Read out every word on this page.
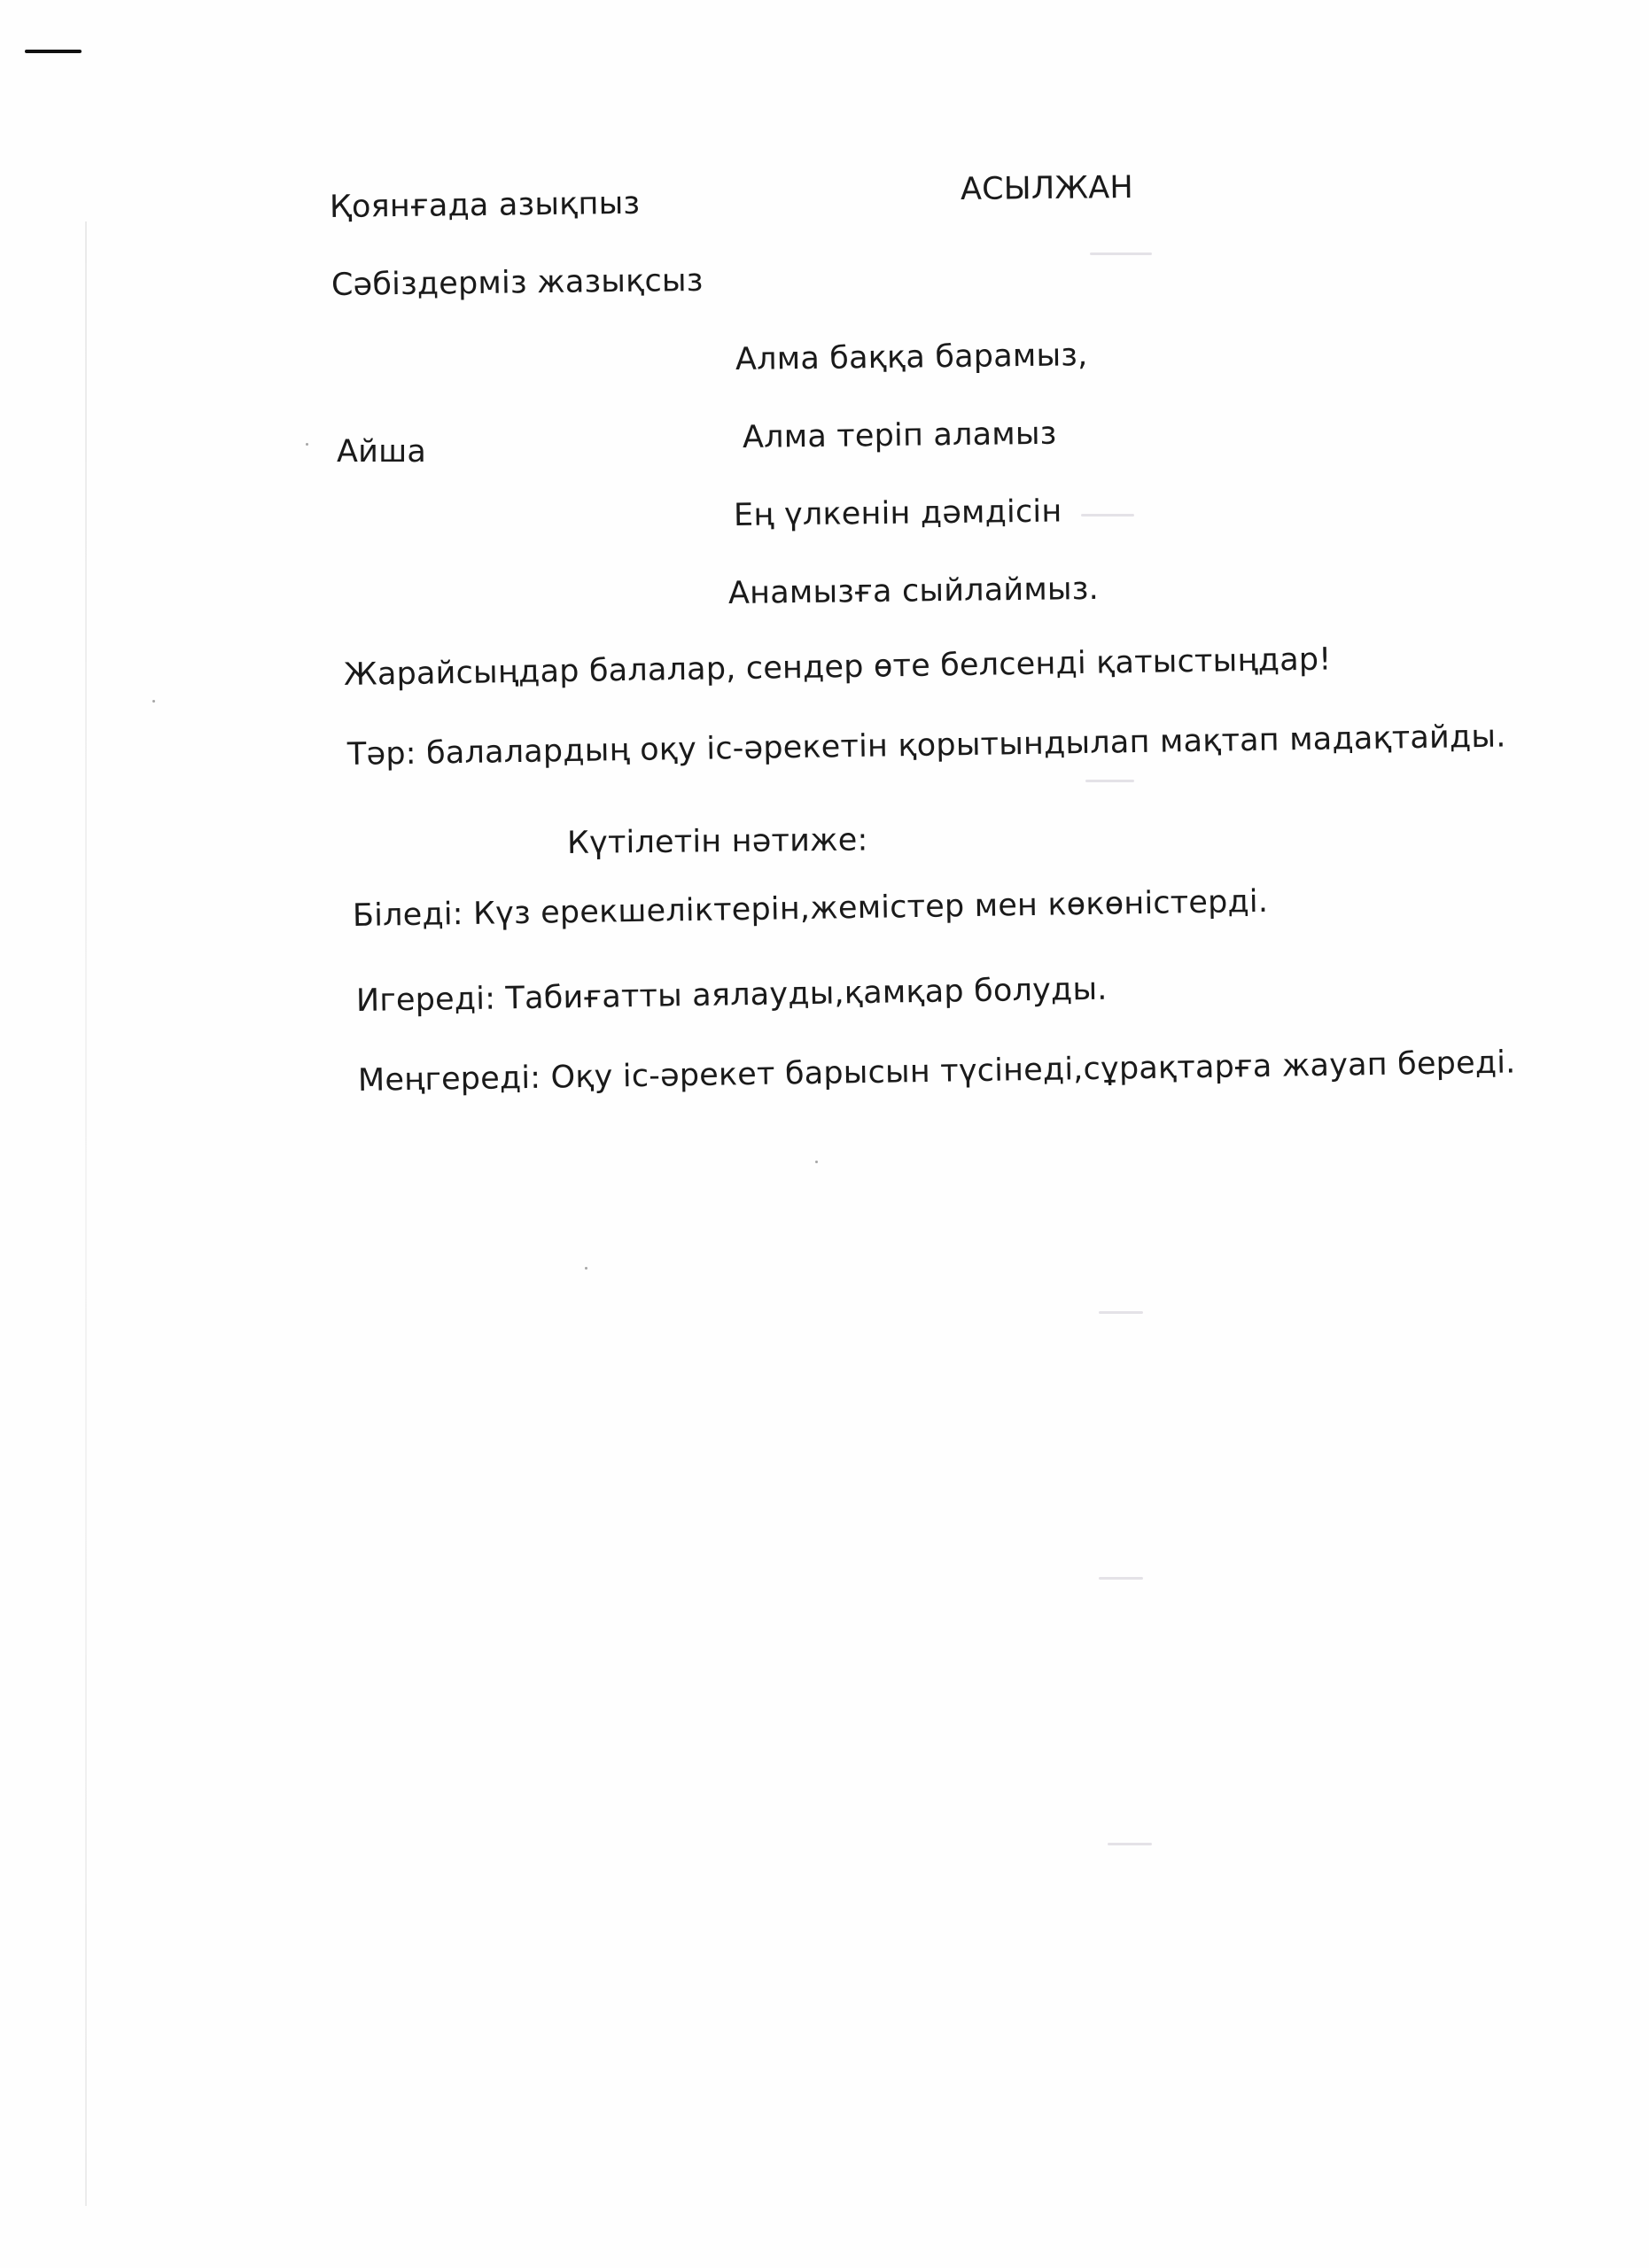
Қоянғада азықпыз	АСЫЛЖАН
Сәбіздерміз жазықсыз
Алма баққа барамыз,
Айша	Алма теріп аламыз
Ең үлкенін дәмдісін
Анамызға сыйлаймыз.
Жарайсыңдар балалар, сендер өте белсенді қатыстыңдар!
Тәр: балалардың оқу іс-әрекетін қорытындылап мақтап мадақтайды.
Күтілетін нәтиже:
Біледі: Күз ерекшеліктерін,жемістер мен көкөністерді.
Игереді: Табиғатты аялауды,қамқар болуды.
Меңгереді: Оқу іс-әрекет барысын түсінеді,сұрақтарға жауап береді.
